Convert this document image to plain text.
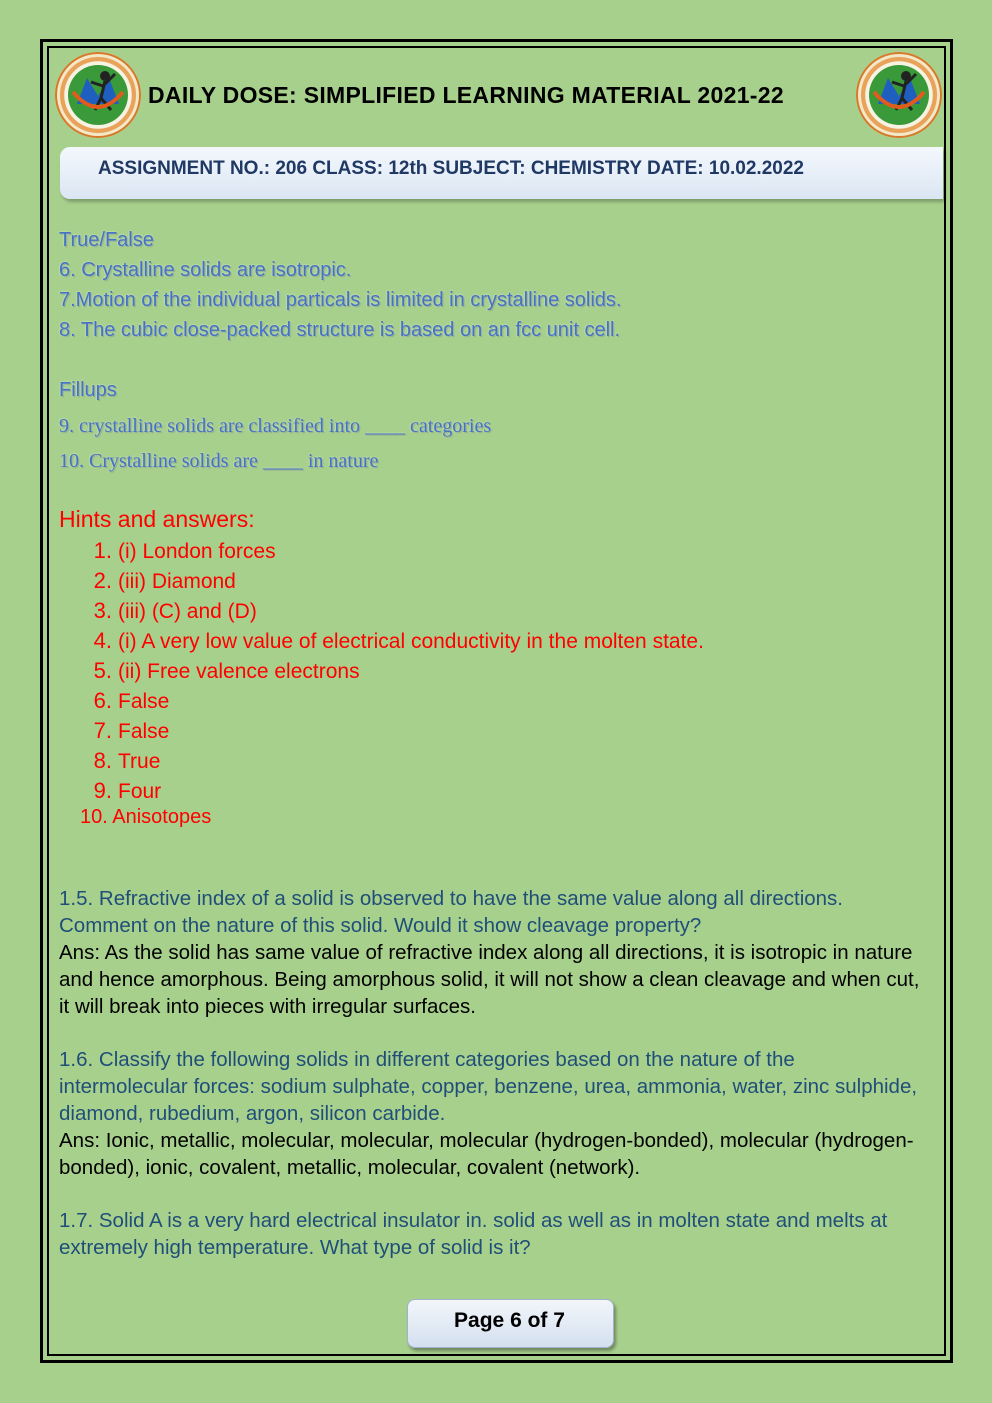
DAILY DOSE: SIMPLIFIED LEARNING MATERIAL 2021-22
ASSIGNMENT NO.: 206 CLASS: 12th SUBJECT: CHEMISTRY DATE: 10.02.2022
True/False
6. Crystalline solids are isotropic.
7.Motion of the individual particals is limited in crystalline solids.
8. The cubic close-packed structure is based on an fcc unit cell.
Fillups
9. crystalline solids are classified into ____ categories
10. Crystalline solids are ____ in nature
Hints and answers:
1. (i) London forces
2. (iii) Diamond
3. (iii) (C) and (D)
4. (i) A very low value of electrical conductivity in the molten state.
5. (ii) Free valence electrons
6. False
7. False
8. True
9. Four
10. Anisotopes
1.5. Refractive index of a solid is observed to have the same value along all directions. Comment on the nature of this solid. Would it show cleavage property?
Ans: As the solid has same value of refractive index along all directions, it is isotropic in nature and hence amorphous. Being amorphous solid, it will not show a clean cleavage and when cut, it will break into pieces with irregular surfaces.
1.6. Classify the following solids in different categories based on the nature of the intermolecular forces: sodium sulphate, copper, benzene, urea, ammonia, water, zinc sulphide, diamond, rubedium, argon, silicon carbide.
Ans: Ionic, metallic, molecular, molecular, molecular (hydrogen-bonded), molecular (hydrogen-bonded), ionic, covalent, metallic, molecular, covalent (network).
1.7. Solid A is a very hard electrical insulator in. solid as well as in molten state and melts at extremely high temperature. What type of solid is it?
Page 6 of 7
